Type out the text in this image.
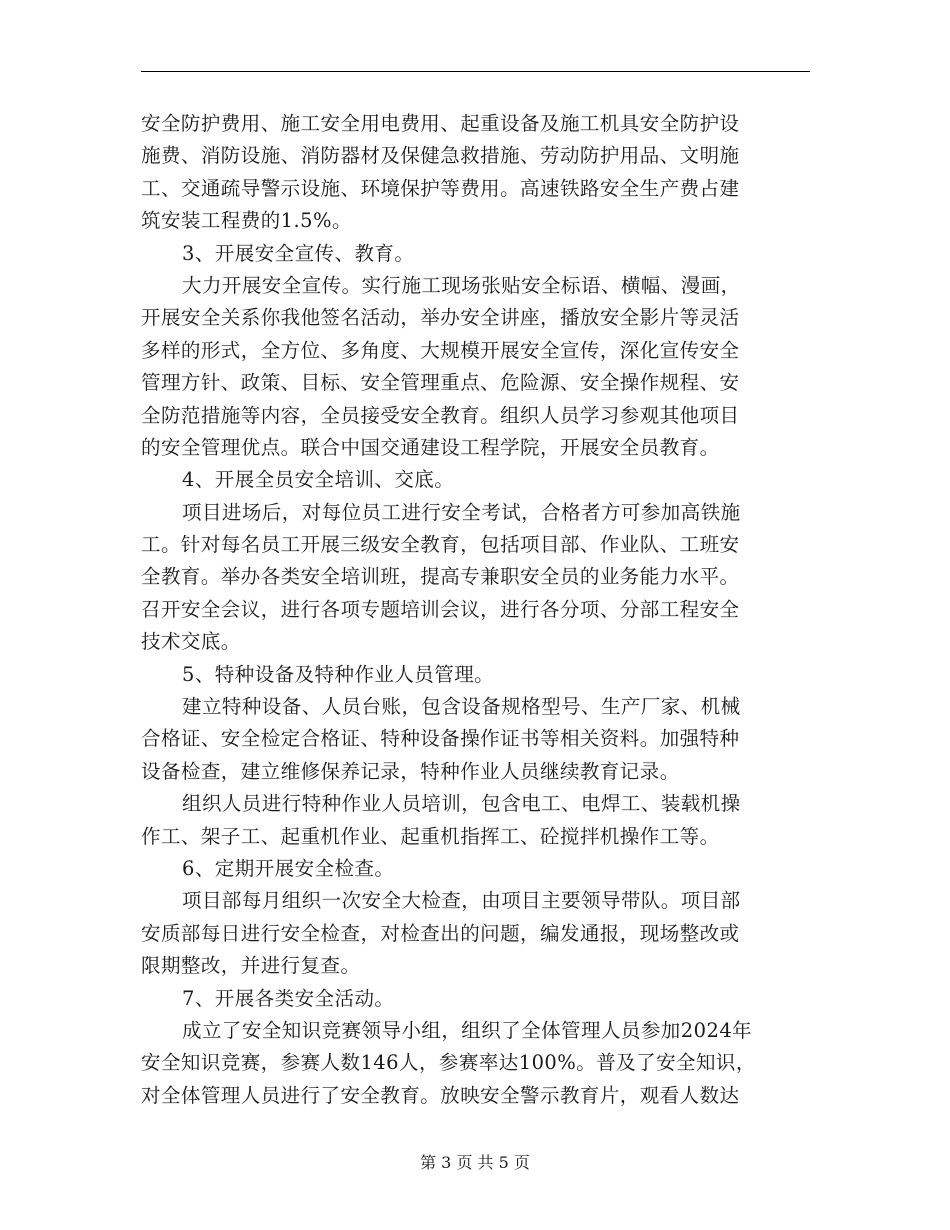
安全防护费用、施工安全用电费用、起重设备及施工机具安全防护设
施费、消防设施、消防器材及保健急救措施、劳动防护用品、文明施
工、交通疏导警示设施、环境保护等费用。高速铁路安全生产费占建
筑安装工程费的1.5%。
3、开展安全宣传、教育。
大力开展安全宣传。实行施工现场张贴安全标语、横幅、漫画，
开展安全关系你我他签名活动，举办安全讲座，播放安全影片等灵活
多样的形式，全方位、多角度、大规模开展安全宣传，深化宣传安全
管理方针、政策、目标、安全管理重点、危险源、安全操作规程、安
全防范措施等内容，全员接受安全教育。组织人员学习参观其他项目
的安全管理优点。联合中国交通建设工程学院，开展安全员教育。
4、开展全员安全培训、交底。
项目进场后，对每位员工进行安全考试，合格者方可参加高铁施
工。针对每名员工开展三级安全教育，包括项目部、作业队、工班安
全教育。举办各类安全培训班，提高专兼职安全员的业务能力水平。
召开安全会议，进行各项专题培训会议，进行各分项、分部工程安全
技术交底。
5、特种设备及特种作业人员管理。
建立特种设备、人员台账，包含设备规格型号、生产厂家、机械
合格证、安全检定合格证、特种设备操作证书等相关资料。加强特种
设备检查，建立维修保养记录，特种作业人员继续教育记录。
组织人员进行特种作业人员培训，包含电工、电焊工、装载机操
作工、架子工、起重机作业、起重机指挥工、砼搅拌机操作工等。
6、定期开展安全检查。
项目部每月组织一次安全大检查，由项目主要领导带队。项目部
安质部每日进行安全检查，对检查出的问题，编发通报，现场整改或
限期整改，并进行复查。
7、开展各类安全活动。
成立了安全知识竞赛领导小组，组织了全体管理人员参加2024年
安全知识竞赛，参赛人数146人，参赛率达100%。普及了安全知识，
对全体管理人员进行了安全教育。放映安全警示教育片，观看人数达
第 3 页 共 5 页
